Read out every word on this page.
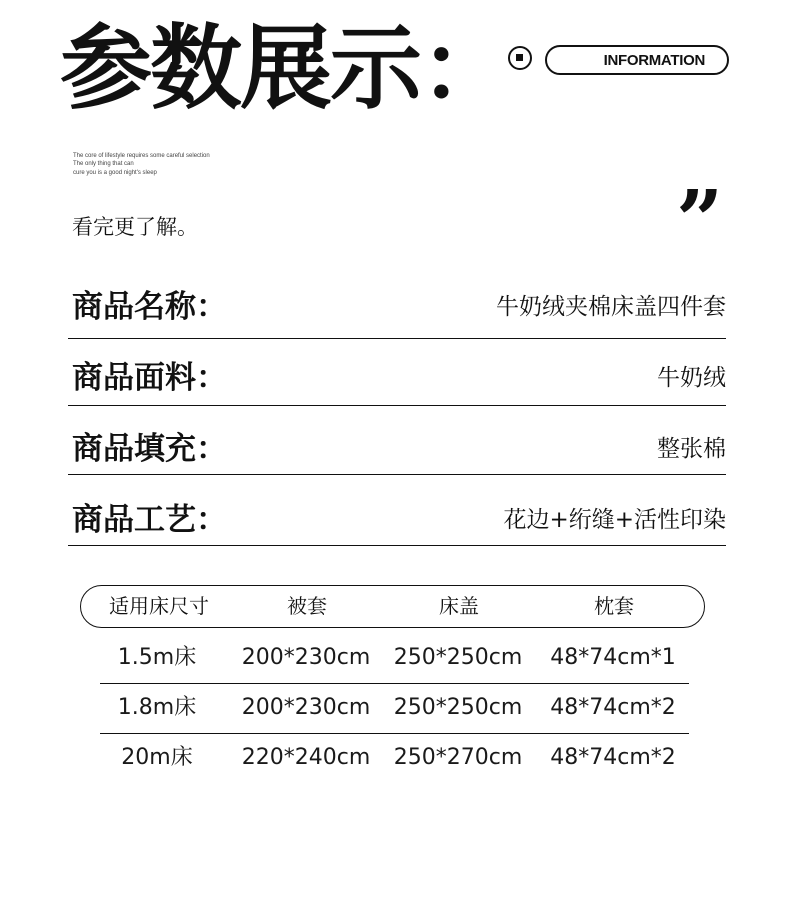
参数展示：	INFORMATION
The core of lifestyle requires some careful selection
The only thing that can
cure you is a good night's sleep
看完更了解。	”
商品名称：	牛奶绒夹棉床盖四件套
商品面料：	牛奶绒
商品填充：	整张棉
商品工艺：	花边+绗缝+活性印染
适用床尺寸	被套	床盖	枕套
1.5m床 200*230cm 250*250cm 48*74cm*1
1.8m床 200*230cm 250*250cm 48*74cm*2
20m床 220*240cm 250*270cm 48*74cm*2
